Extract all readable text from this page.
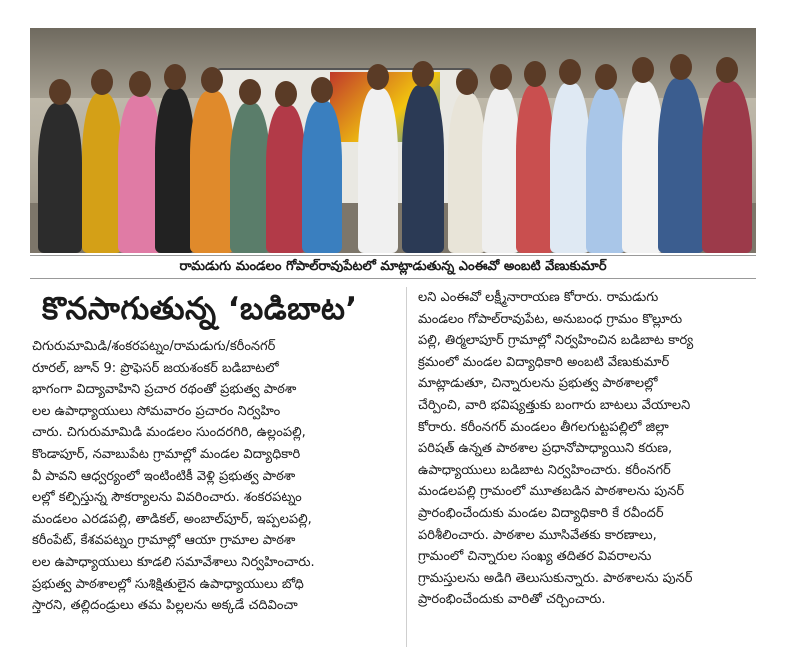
రామడుగు మండలం గోపాల్‌రావుపేటలో మాట్లాడుతున్న ఎంఈవో అంబటి వేణుకుమార్
కొనసాగుతున్న ‘బడిబాట’
చిగురుమామిడి/శంకరపట్నం/రామడుగు/కరీంనగర్
రూరల్, జూన్ 9: ప్రొఫెసర్ జయశంకర్ బడిబాటలో
భాగంగా విద్యావాహిని ప్రచార రథంతో ప్రభుత్వ పాఠశా
లల ఉపాధ్యాయులు సోమవారం ప్రచారం నిర్వహిం
చారు. చిగురుమామిడి మండలం సుందరగిరి, ఉల్లంపల్లి,
కొండాపూర్, నవాబుపేట గ్రామాల్లో మండల విద్యాధికారి
వీ పావని ఆధ్వర్యంలో ఇంటింటికీ వెళ్లి ప్రభుత్వ పాఠశా
లల్లో కల్పిస్తున్న సౌకర్యాలను వివరించారు. శంకరపట్నం
మండలం ఎరడపల్లి, తాడికల్, అంబాల్‌పూర్, ఇప్పలపల్లి,
కరీంపేట్, కేశవపట్నం గ్రామాల్లో ఆయా గ్రామాల పాఠశా
లల ఉపాధ్యాయులు కూడలి సమావేశాలు నిర్వహించారు.
ప్రభుత్వ పాఠశాలల్లో సుశిక్షితులైన ఉపాధ్యాయులు బోధి
స్తారని, తల్లిదండ్రులు తమ పిల్లలను అక్కడే చదివించా
లని ఎంఈవో లక్ష్మీనారాయణ కోరారు. రామడుగు
మండలం గోపాల్‌రావుపేట, అనుబంధ గ్రామం కొల్లూరు
పల్లి, తిర్మలాపూర్ గ్రామాల్లో నిర్వహించిన బడిబాట కార్య
క్రమంలో మండల విద్యాధికారి అంబటి వేణుకుమార్
మాట్లాడుతూ, చిన్నారులను ప్రభుత్వ పాఠశాలల్లో
చేర్పించి, వారి భవిష్యత్తుకు బంగారు బాటలు వేయాలని
కోరారు. కరీంనగర్ మండలం తీగలగుట్టపల్లిలో జిల్లా
పరిషత్ ఉన్నత పాఠశాల ప్రధానోపాధ్యాయిని కరుణ,
ఉపాధ్యాయులు బడిబాట నిర్వహించారు. కరీంనగర్
మండలపల్లి గ్రామంలో మూతబడిన పాఠశాలను పునర్
ప్రారంభించేందుకు మండల విద్యాధికారి కే రవీందర్
పరిశీలించారు. పాఠశాల మూసివేతకు కారణాలు,
గ్రామంలో చిన్నారుల సంఖ్య తదితర వివరాలను
గ్రామస్తులను అడిగి తెలుసుకున్నారు. పాఠశాలను పునర్
ప్రారంభించేందుకు వారితో చర్చించారు.
